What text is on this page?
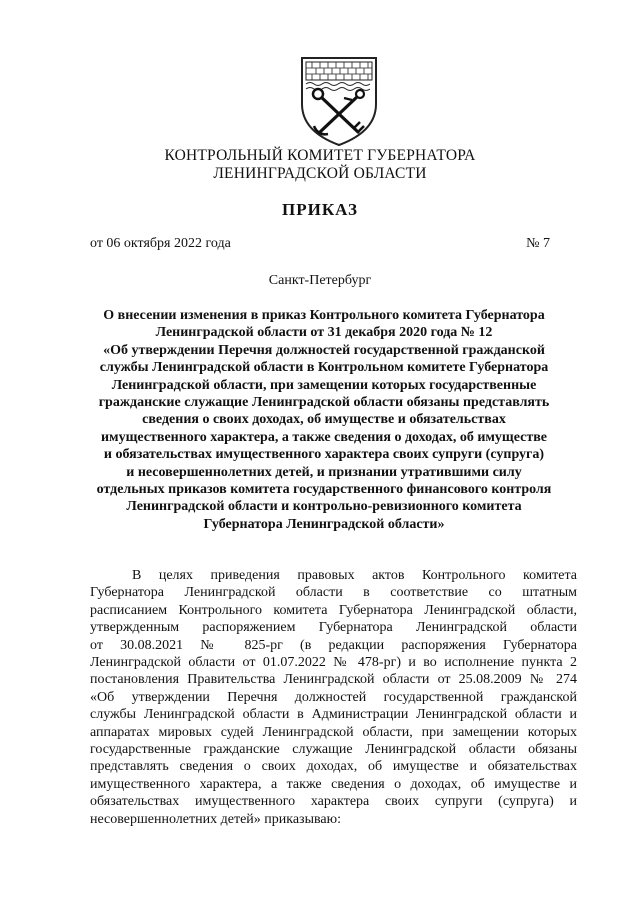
КОНТРОЛЬНЫЙ КОМИТЕТ ГУБЕРНАТОРА
ЛЕНИНГРАДСКОЙ ОБЛАСТИ
ПРИКАЗ
от 06 октября 2022 года	№ 7
Санкт-Петербург
О внесении изменения в приказ Контрольного комитета Губернатора
Ленинградской области от 31 декабря 2020 года № 12
«Об утверждении Перечня должностей государственной гражданской
службы Ленинградской области в Контрольном комитете Губернатора
Ленинградской области, при замещении которых государственные
гражданские служащие Ленинградской области обязаны представлять
сведения о своих доходах, об имуществе и обязательствах
имущественного характера, а также сведения о доходах, об имуществе
и обязательствах имущественного характера своих супруги (супруга)
и несовершеннолетних детей, и признании утратившими силу
отдельных приказов комитета государственного финансового контроля
Ленинградской области и контрольно-ревизионного комитета
Губернатора Ленинградской области»
В целях приведения правовых актов Контрольного комитета
Губернатора Ленинградской области в соответствие со штатным
расписанием Контрольного комитета Губернатора Ленинградской области,
утвержденным распоряжением Губернатора Ленинградской области
от 30.08.2021 № 825-рг (в редакции распоряжения Губернатора
Ленинградской области от 01.07.2022 № 478-рг) и во исполнение пункта 2
постановления Правительства Ленинградской области от 25.08.2009 № 274
«Об утверждении Перечня должностей государственной гражданской
службы Ленинградской области в Администрации Ленинградской области и
аппаратах мировых судей Ленинградской области, при замещении которых
государственные гражданские служащие Ленинградской области обязаны
представлять сведения о своих доходах, об имуществе и обязательствах
имущественного характера, а также сведения о доходах, об имуществе и
обязательствах имущественного характера своих супруги (супруга) и
несовершеннолетних детей» приказываю:
